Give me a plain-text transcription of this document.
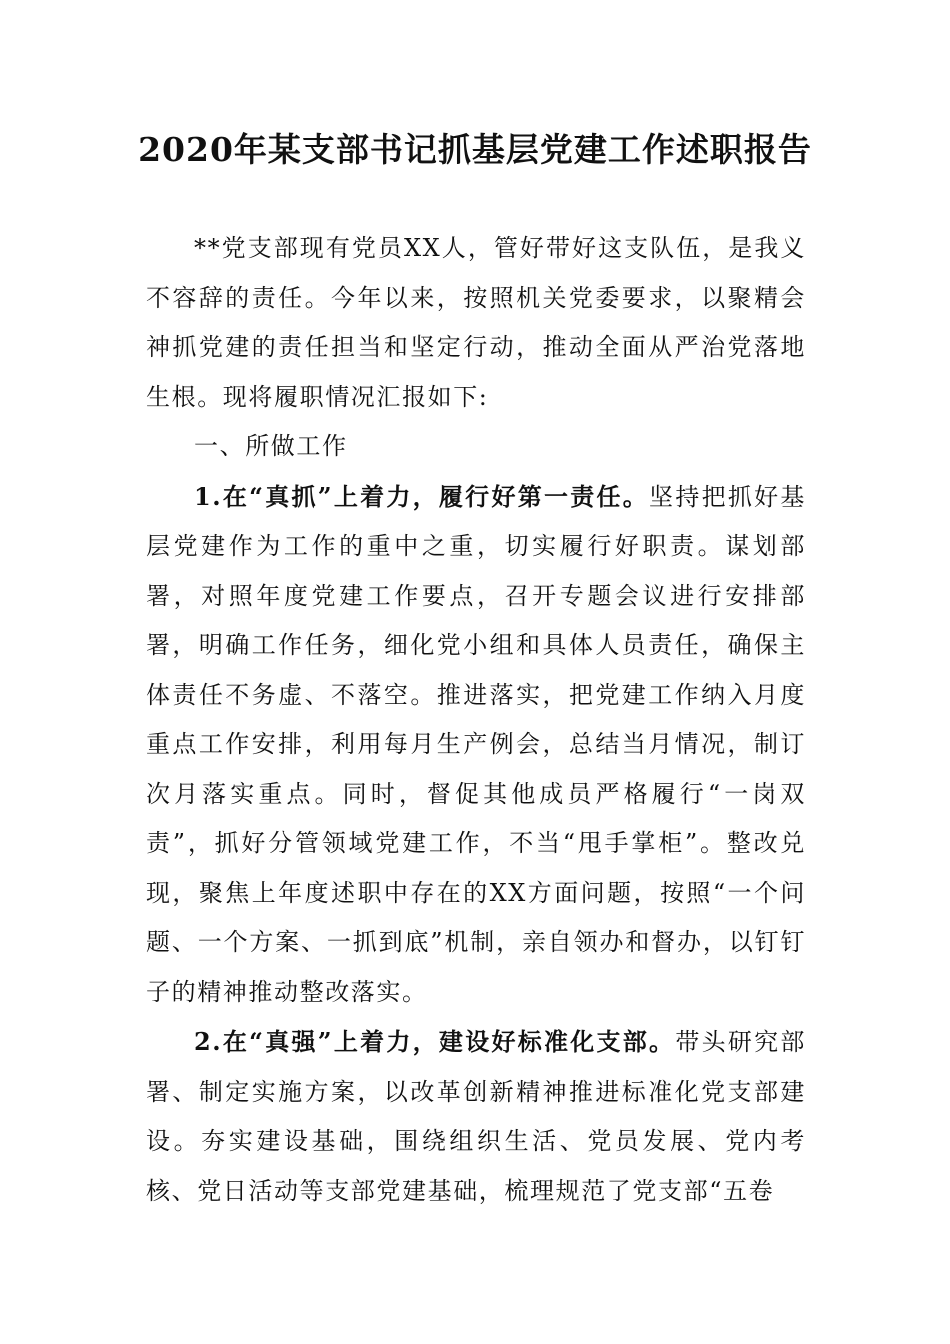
2020年某支部书记抓基层党建工作述职报告

**党支部现有党员XX人，管好带好这支队伍，是我义不容辞的责任。今年以来，按照机关党委要求，以聚精会神抓党建的责任担当和坚定行动，推动全面从严治党落地生根。现将履职情况汇报如下:

一、所做工作

1.在“真抓”上着力，履行好第一责任。坚持把抓好基层党建作为工作的重中之重，切实履行好职责。谋划部署，对照年度党建工作要点，召开专题会议进行安排部署，明确工作任务，细化党小组和具体人员责任，确保主体责任不务虚、不落空。推进落实，把党建工作纳入月度重点工作安排，利用每月生产例会，总结当月情况，制订次月落实重点。同时，督促其他成员严格履行“一岗双责”，抓好分管领域党建工作，不当“甩手掌柜”。整改兑现，聚焦上年度述职中存在的XX方面问题，按照“一个问题、一个方案、一抓到底”机制，亲自领办和督办，以钉钉子的精神推动整改落实。

2.在“真强”上着力，建设好标准化支部。带头研究部署、制定实施方案，以改革创新精神推进标准化党支部建设。夯实建设基础，围绕组织生活、党员发展、党内考核、党日活动等支部党建基础，梳理规范了党支部“五卷
